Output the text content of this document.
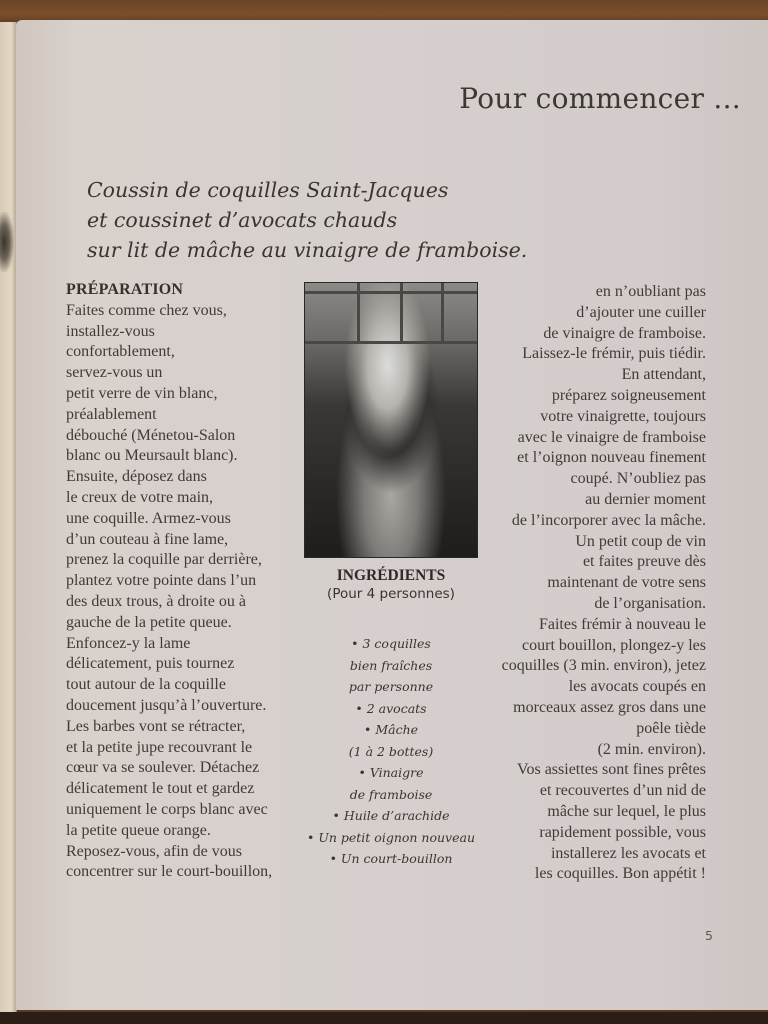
Pour commencer ...
Coussin de coquilles Saint-Jacques
et coussinet d’avocats chauds
sur lit de mâche au vinaigre de framboise.
PRÉPARATION
Faites comme chez vous,
installez-vous
confortablement,
servez-vous un
petit verre de vin blanc,
préalablement
débouché (Ménetou-Salon
blanc ou Meursault blanc).
Ensuite, déposez dans
le creux de votre main,
une coquille. Armez-vous
d’un couteau à fine lame,
prenez la coquille par derrière,
plantez votre pointe dans l’un
des deux trous, à droite ou à
gauche de la petite queue.
Enfoncez-y la lame
délicatement, puis tournez
tout autour de la coquille
doucement jusqu’à l’ouverture.
Les barbes vont se rétracter,
et la petite jupe recouvrant le
cœur va se soulever. Détachez
délicatement le tout et gardez
uniquement le corps blanc avec
la petite queue orange.
Reposez-vous, afin de vous
concentrer sur le court-bouillon,
INGRÉDIENTS
(Pour 4 personnes)
• 3 coquilles
bien fraîches
par personne
• 2 avocats
• Mâche
(1 à 2 bottes)
• Vinaigre
de framboise
• Huile d’arachide
• Un petit oignon nouveau
• Un court-bouillon
en n’oubliant pas
d’ajouter une cuiller
de vinaigre de framboise.
Laissez-le frémir, puis tiédir.
En attendant,
préparez soigneusement
votre vinaigrette, toujours
avec le vinaigre de framboise
et l’oignon nouveau finement
coupé. N’oubliez pas
au dernier moment
de l’incorporer avec la mâche.
Un petit coup de vin
et faites preuve dès
maintenant de votre sens
de l’organisation.
Faites frémir à nouveau le
court bouillon, plongez-y les
coquilles (3 min. environ), jetez
les avocats coupés en
morceaux assez gros dans une
poêle tiède
(2 min. environ).
Vos assiettes sont fines prêtes
et recouvertes d’un nid de
mâche sur lequel, le plus
rapidement possible, vous
installerez les avocats et
les coquilles. Bon appétit !
5
